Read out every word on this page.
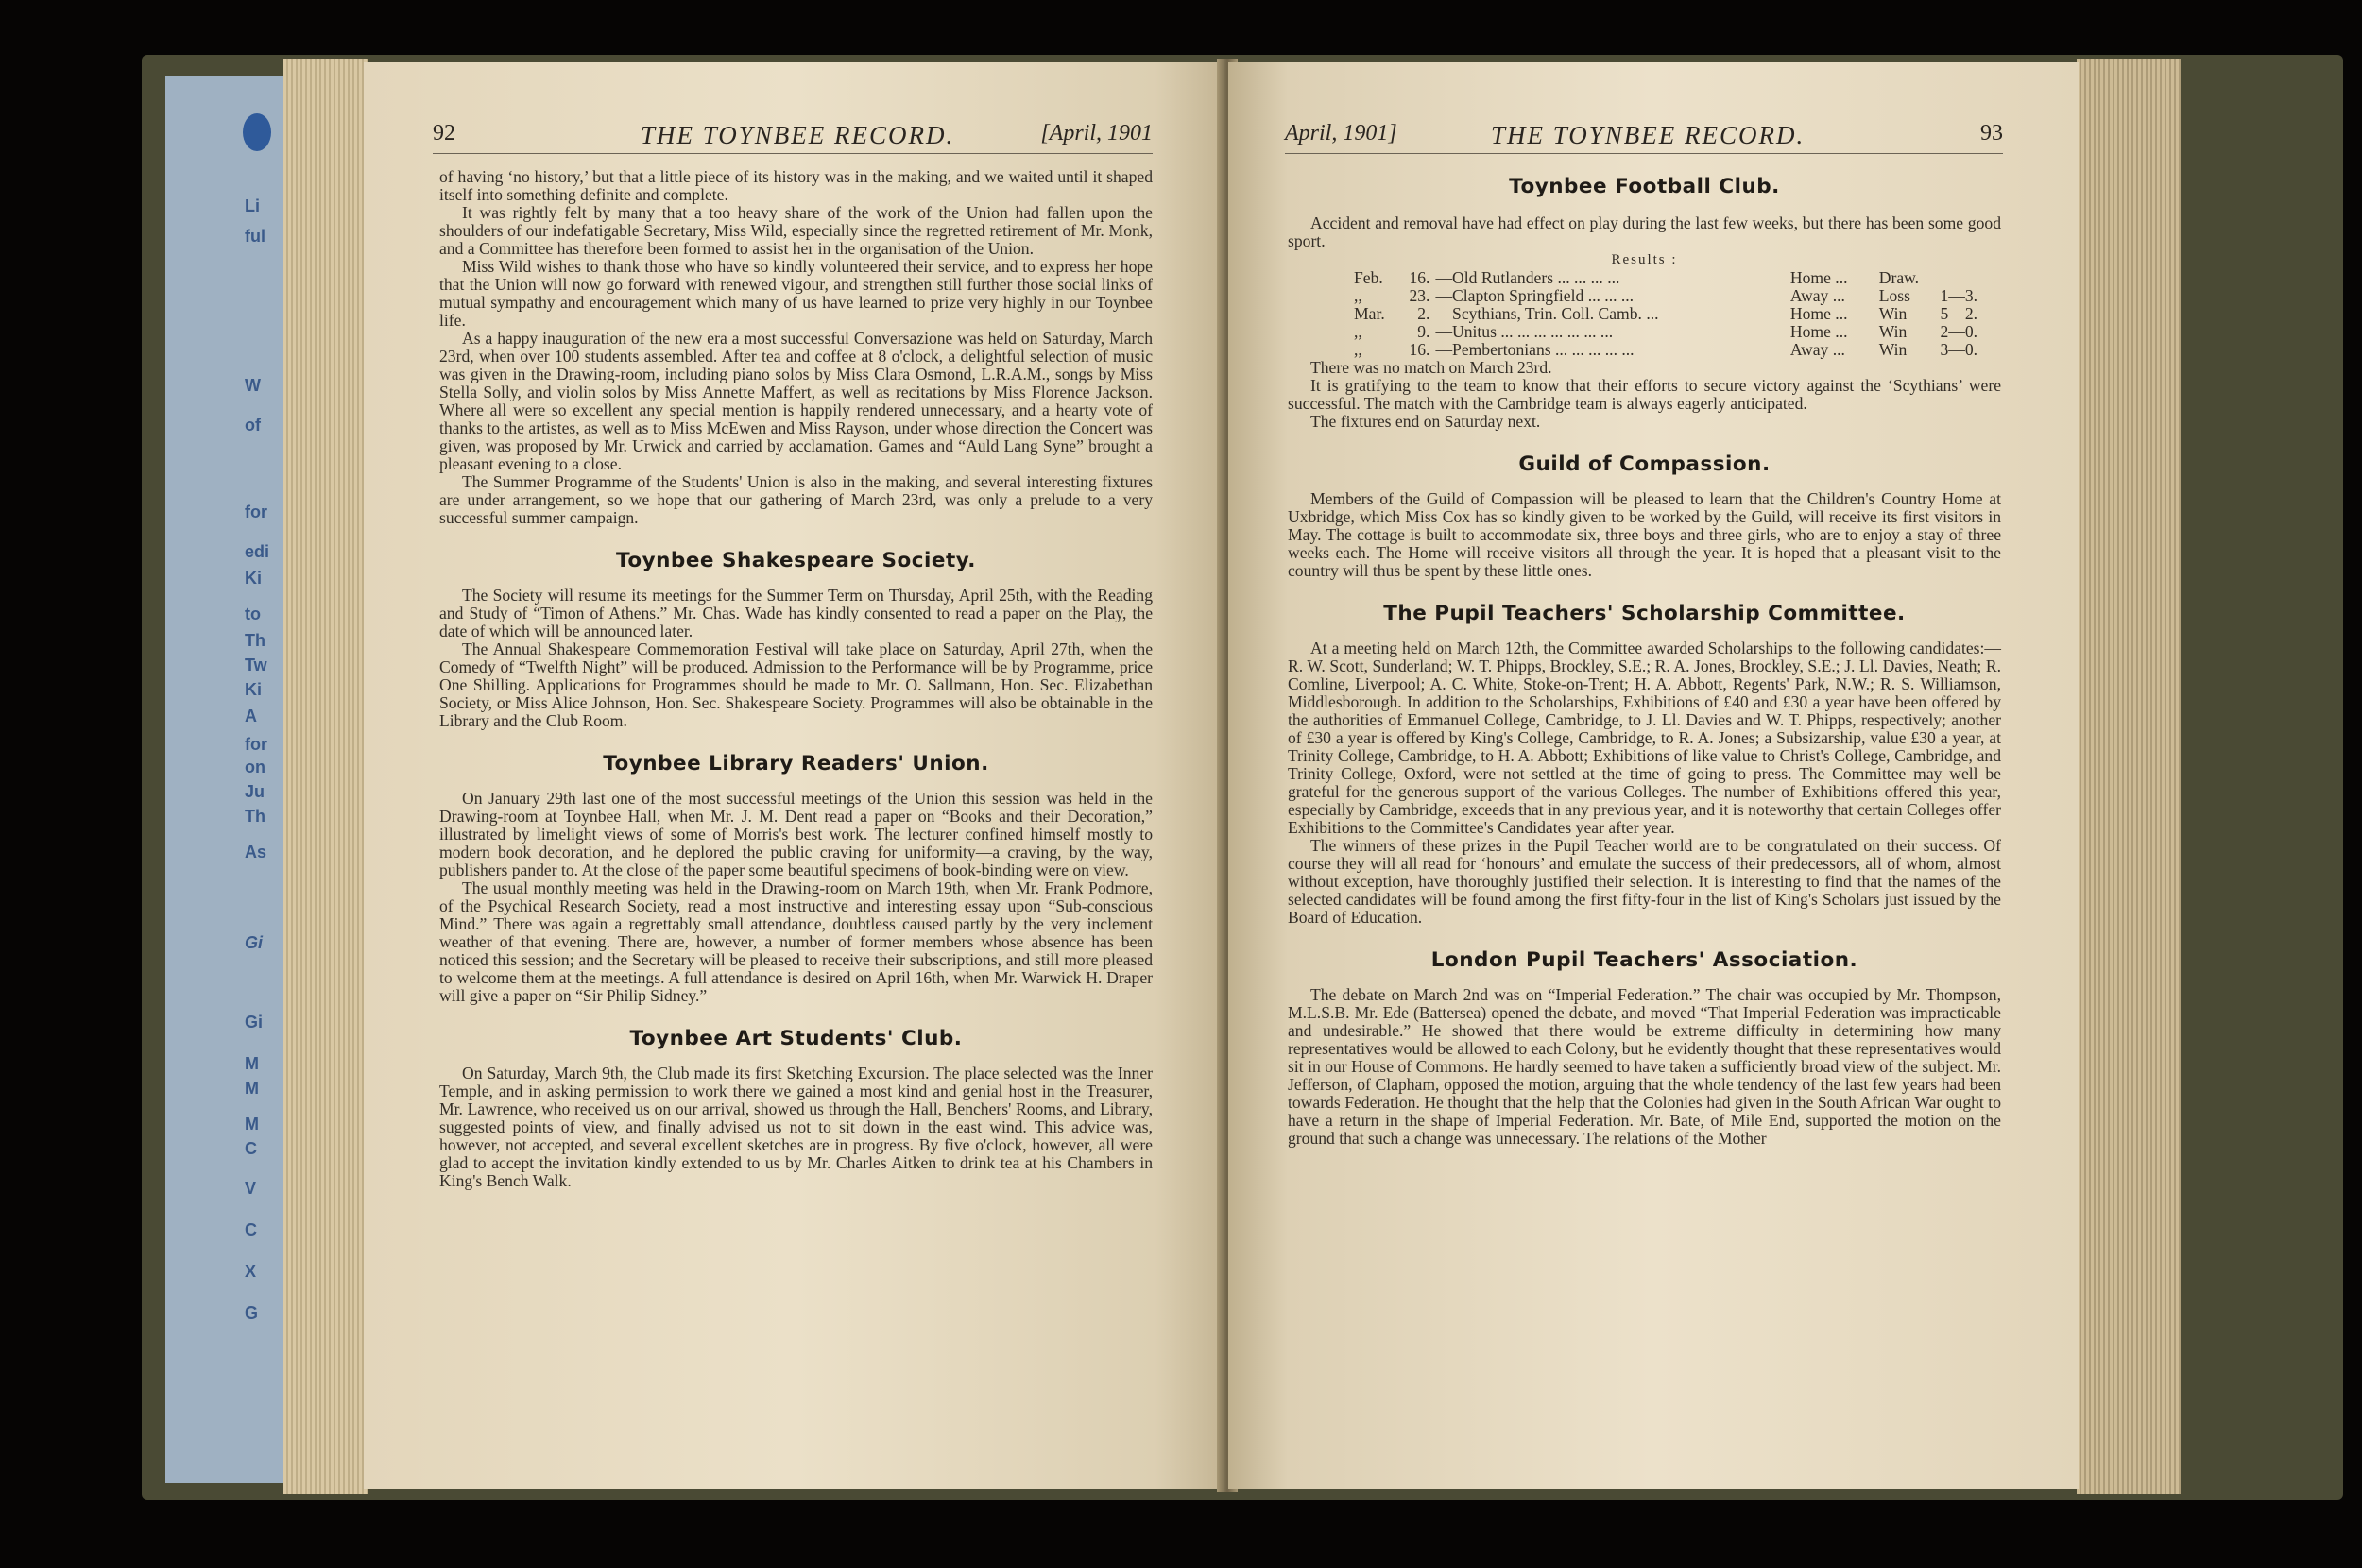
Li
ful
W
of
for
edi
Ki
to
Th
Tw
Ki
A
for
on
Ju
Th
As
Gi
Gi
M
M
M
C
V
C
X
G
92	THE TOYNBEE RECORD.	[April, 1901

of having ‘no history,’ but that a little piece of its history was in the making, and we waited until it shaped itself into something definite and complete.

It was rightly felt by many that a too heavy share of the work of the Union had fallen upon the shoulders of our indefatigable Secretary, Miss Wild, especially since the regretted retirement of Mr. Monk, and a Committee has therefore been formed to assist her in the organisation of the Union.

Miss Wild wishes to thank those who have so kindly volunteered their service, and to express her hope that the Union will now go forward with renewed vigour, and strengthen still further those social links of mutual sympathy and encouragement which many of us have learned to prize very highly in our Toynbee life.

As a happy inauguration of the new era a most successful Conversazione was held on Saturday, March 23rd, when over 100 students assembled. After tea and coffee at 8 o'clock, a delightful selection of music was given in the Drawing-room, including piano solos by Miss Clara Osmond, L.R.A.M., songs by Miss Stella Solly, and violin solos by Miss Annette Maffert, as well as recitations by Miss Florence Jackson. Where all were so excellent any special mention is happily rendered unnecessary, and a hearty vote of thanks to the artistes, as well as to Miss McEwen and Miss Rayson, under whose direction the Concert was given, was proposed by Mr. Urwick and carried by acclamation. Games and “Auld Lang Syne” brought a pleasant evening to a close.

The Summer Programme of the Students' Union is also in the making, and several interesting fixtures are under arrangement, so we hope that our gathering of March 23rd, was only a prelude to a very successful summer campaign.

Toynbee Shakespeare Society.

The Society will resume its meetings for the Summer Term on Thursday, April 25th, with the Reading and Study of “Timon of Athens.” Mr. Chas. Wade has kindly consented to read a paper on the Play, the date of which will be announced later.

The Annual Shakespeare Commemoration Festival will take place on Saturday, April 27th, when the Comedy of “Twelfth Night” will be produced. Admission to the Performance will be by Programme, price One Shilling. Applications for Programmes should be made to Mr. O. Sallmann, Hon. Sec. Elizabethan Society, or Miss Alice Johnson, Hon. Sec. Shakespeare Society. Programmes will also be obtainable in the Library and the Club Room.

Toynbee Library Readers' Union.

On January 29th last one of the most successful meetings of the Union this session was held in the Drawing-room at Toynbee Hall, when Mr. J. M. Dent read a paper on “Books and their Decoration,” illustrated by limelight views of some of Morris's best work. The lecturer confined himself mostly to modern book decoration, and he deplored the public craving for uniformity—a craving, by the way, publishers pander to. At the close of the paper some beautiful specimens of book-binding were on view.

The usual monthly meeting was held in the Drawing-room on March 19th, when Mr. Frank Podmore, of the Psychical Research Society, read a most instructive and interesting essay upon “Sub-conscious Mind.” There was again a regrettably small attendance, doubtless caused partly by the very inclement weather of that evening. There are, however, a number of former members whose absence has been noticed this session; and the Secretary will be pleased to receive their subscriptions, and still more pleased to welcome them at the meetings. A full attendance is desired on April 16th, when Mr. Warwick H. Draper will give a paper on “Sir Philip Sidney.”

Toynbee Art Students' Club.

On Saturday, March 9th, the Club made its first Sketching Excursion. The place selected was the Inner Temple, and in asking permission to work there we gained a most kind and genial host in the Treasurer, Mr. Lawrence, who received us on our arrival, showed us through the Hall, Benchers' Rooms, and Library, suggested points of view, and finally advised us not to sit down in the east wind. This advice was, however, not accepted, and several excellent sketches are in progress. By five o'clock, however, all were glad to accept the invitation kindly extended to us by Mr. Charles Aitken to drink tea at his Chambers in King's Bench Walk.

April, 1901]	THE TOYNBEE RECORD.	93
Toynbee Football Club.

Accident and removal have had effect on play during the last few weeks, but there has been some good sport.

Results :
Feb.	16.	—Old Rutlanders ... ... ... ...	Home ...	Draw.	
,,	23.	—Clapton Springfield ... ... ...	Away ...	Loss	1—3.
Mar.	2.	—Scythians, Trin. Coll. Camb. ...	Home ...	Win	5—2.
,,	9.	—Unitus ... ... ... ... ... ... ...	Home ...	Win	2—0.
,,	16.	—Pembertonians ... ... ... ... ...	Away ...	Win	3—0.

There was no match on March 23rd.

It is gratifying to the team to know that their efforts to secure victory against the ‘Scythians’ were successful. The match with the Cambridge team is always eagerly anticipated.

The fixtures end on Saturday next.

Guild of Compassion.

Members of the Guild of Compassion will be pleased to learn that the Children's Country Home at Uxbridge, which Miss Cox has so kindly given to be worked by the Guild, will receive its first visitors in May. The cottage is built to accommodate six, three boys and three girls, who are to enjoy a stay of three weeks each. The Home will receive visitors all through the year. It is hoped that a pleasant visit to the country will thus be spent by these little ones.

The Pupil Teachers' Scholarship Committee.

At a meeting held on March 12th, the Committee awarded Scholarships to the following candidates:—R. W. Scott, Sunderland; W. T. Phipps, Brockley, S.E.; R. A. Jones, Brockley, S.E.; J. Ll. Davies, Neath; R. Comline, Liverpool; A. C. White, Stoke-on-Trent; H. A. Abbott, Regents' Park, N.W.; R. S. Williamson, Middlesborough. In addition to the Scholarships, Exhibitions of £40 and £30 a year have been offered by the authorities of Emmanuel College, Cambridge, to J. Ll. Davies and W. T. Phipps, respectively; another of £30 a year is offered by King's College, Cambridge, to R. A. Jones; a Subsizarship, value £30 a year, at Trinity College, Cambridge, to H. A. Abbott; Exhibitions of like value to Christ's College, Cambridge, and Trinity College, Oxford, were not settled at the time of going to press. The Committee may well be grateful for the generous support of the various Colleges. The number of Exhibitions offered this year, especially by Cambridge, exceeds that in any previous year, and it is noteworthy that certain Colleges offer Exhibitions to the Committee's Candidates year after year.

The winners of these prizes in the Pupil Teacher world are to be congratulated on their success. Of course they will all read for ‘honours’ and emulate the success of their predecessors, all of whom, almost without exception, have thoroughly justified their selection. It is interesting to find that the names of the selected candidates will be found among the first fifty-four in the list of King's Scholars just issued by the Board of Education.

London Pupil Teachers' Association.

The debate on March 2nd was on “Imperial Federation.” The chair was occupied by Mr. Thompson, M.L.S.B. Mr. Ede (Battersea) opened the debate, and moved “That Imperial Federation was impracticable and undesirable.” He showed that there would be extreme difficulty in determining how many representatives would be allowed to each Colony, but he evidently thought that these representatives would sit in our House of Commons. He hardly seemed to have taken a sufficiently broad view of the subject. Mr. Jefferson, of Clapham, opposed the motion, arguing that the whole tendency of the last few years had been towards Federation. He thought that the help that the Colonies had given in the South African War ought to have a return in the shape of Imperial Federation. Mr. Bate, of Mile End, supported the motion on the ground that such a change was unnecessary. The relations of the Mother
